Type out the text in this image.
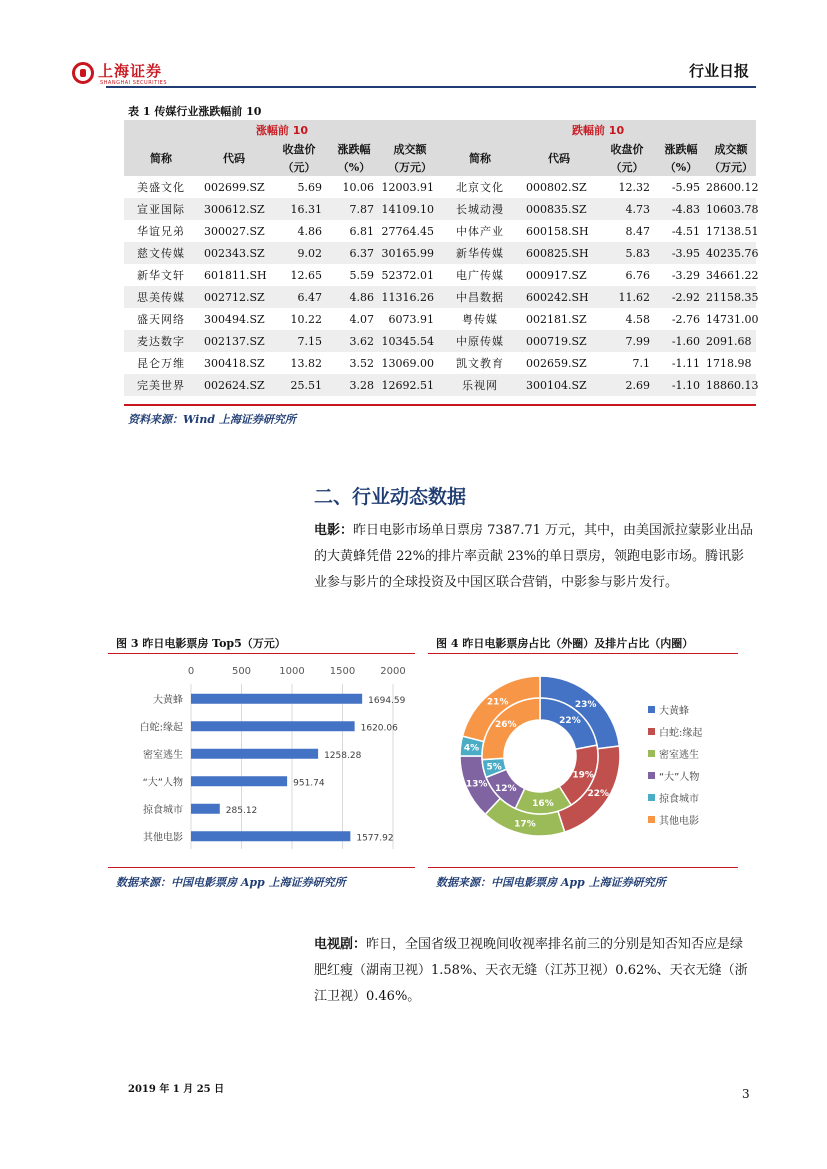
上海证券
SHANGHAI SECURITIES
行业日报
表 1 传媒行业涨跌幅前 10
涨幅前 10					跌幅前 10				
简称	代码	收盘价	涨跌幅	成交额	简称	代码	收盘价	涨跌幅	成交额
		（元）	（%）	（万元）			（元）	（%）	（万元）
美盛文化	002699.SZ	5.69	10.06	12003.91	北京文化	000802.SZ	12.32	-5.95	28600.12
宣亚国际	300612.SZ	16.31	7.87	14109.10	长城动漫	000835.SZ	4.73	-4.83	10603.78
华谊兄弟	300027.SZ	4.86	6.81	27764.45	中体产业	600158.SH	8.47	-4.51	17138.51
慈文传媒	002343.SZ	9.02	6.37	30165.99	新华传媒	600825.SH	5.83	-3.95	40235.76
新华文轩	601811.SH	12.65	5.59	52372.01	电广传媒	000917.SZ	6.76	-3.29	34661.22
思美传媒	002712.SZ	6.47	4.86	11316.26	中昌数据	600242.SH	11.62	-2.92	21158.35
盛天网络	300494.SZ	10.22	4.07	6073.91	粤传媒	002181.SZ	4.58	-2.76	14731.00
麦达数字	002137.SZ	7.15	3.62	10345.54	中原传媒	000719.SZ	7.99	-1.60	2091.68
昆仑万维	300418.SZ	13.82	3.52	13069.00	凯文教育	002659.SZ	7.1	-1.11	1718.98
完美世界	002624.SZ	25.51	3.28	12692.51	乐视网	300104.SZ	2.69	-1.10	18860.13
资料来源：Wind 上海证券研究所
二、行业动态数据
电影：昨日电影市场单日票房 7387.71 万元，其中，由美国派拉蒙影业出品的大黄蜂凭借 22%的排片率贡献 23%的单日票房，领跑电影市场。腾讯影业参与影片的全球投资及中国区联合营销，中影参与影片发行。
图 3 昨日电影票房 Top5（万元）
0	500	1000	1500	2000
大黄蜂	1694.59
白蛇:缘起	1620.06
密室逃生	1258.28
“大”人物	951.74
掠食城市	285.12
其他电影	1577.92
数据来源：中国电影票房 App 上海证券研究所
图 4 昨日电影票房占比（外圈）及排片占比（内圈）
23%
22%
17%
13%
4%
21%
22%
19%
16%
12%
5%
26%
大黄蜂
白蛇:缘起
密室逃生
“大”人物
掠食城市
其他电影
数据来源：中国电影票房 App 上海证券研究所
电视剧：昨日，全国省级卫视晚间收视率排名前三的分别是知否知否应是绿肥红瘦（湖南卫视）1.58%、天衣无缝（江苏卫视）0.62%、天衣无缝（浙江卫视）0.46%。
2019 年 1 月 25 日	3
